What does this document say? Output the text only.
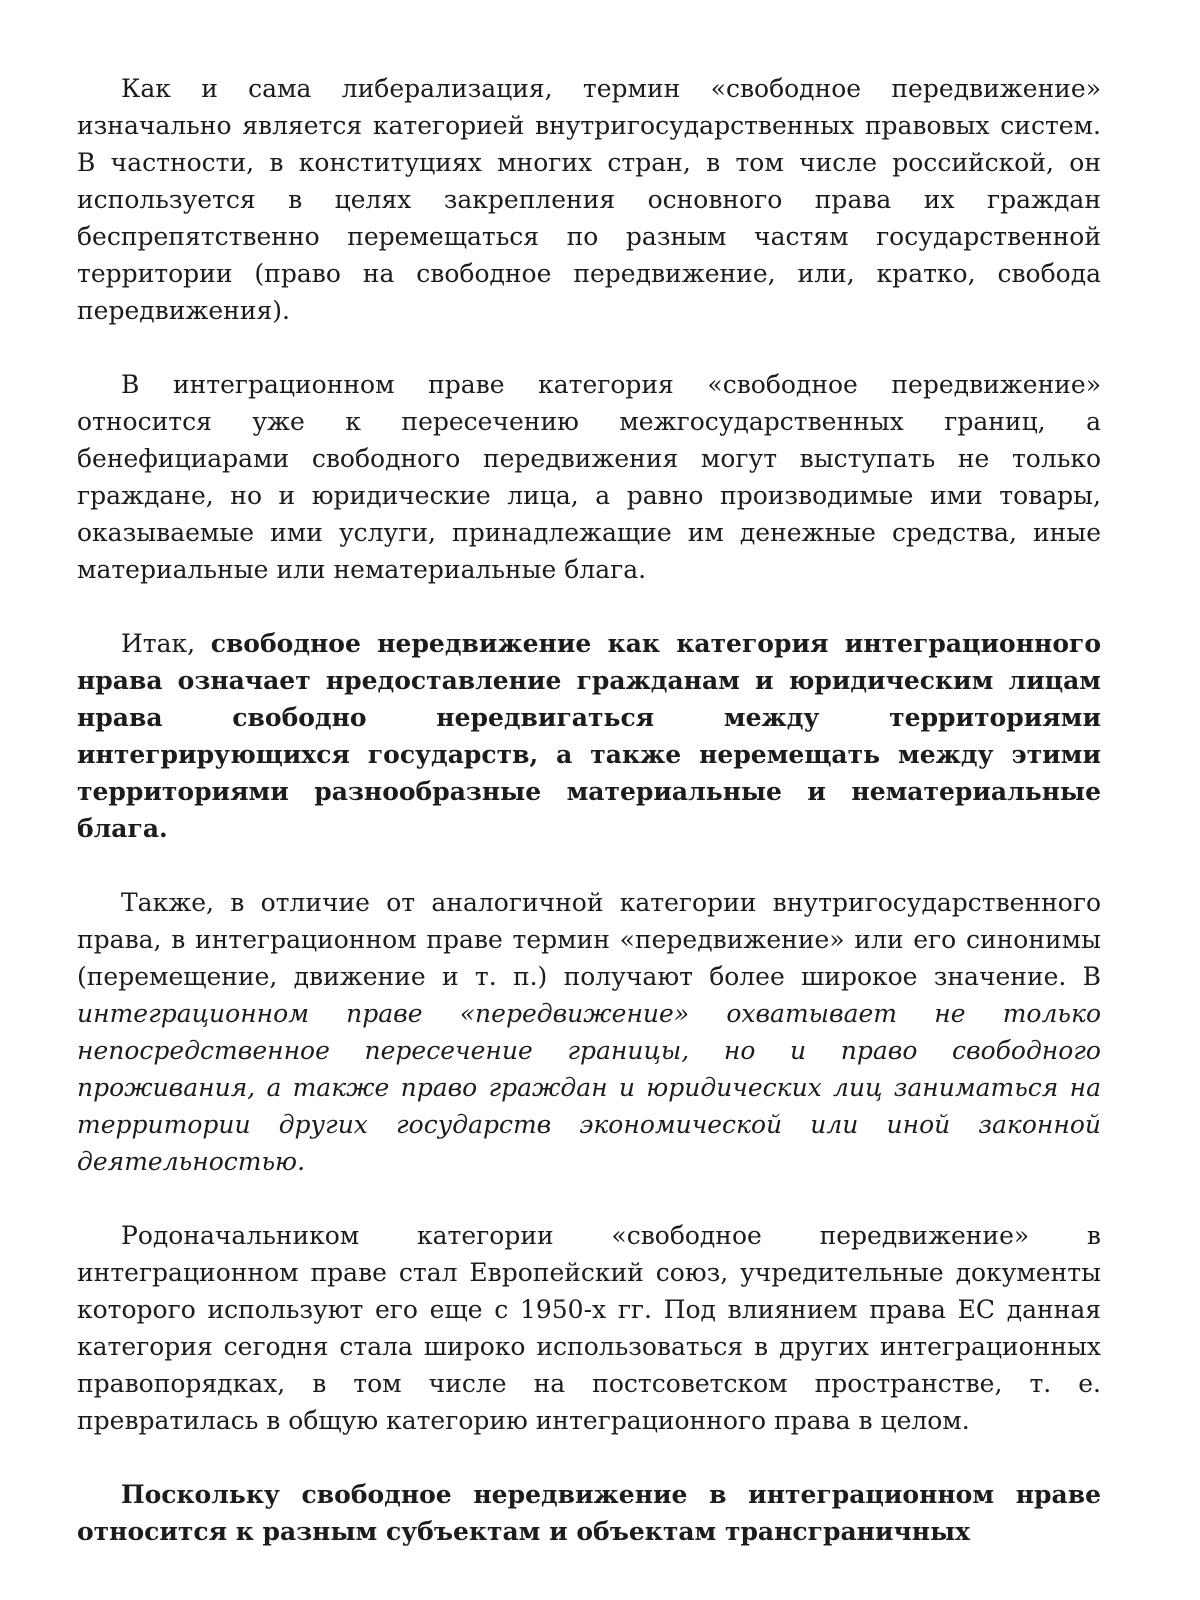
Как и сама либерализация, термин «свободное передвижение» изначально является категорией внутригосударственных правовых систем. В частности, в конституциях многих стран, в том числе российской, он используется в целях закрепления основного права их граждан беспрепятственно перемещаться по разным частям государственной территории (право на свободное передвижение, или, кратко, свобода передвижения).

В интеграционном праве категория «свободное передвижение» относится уже к пересечению межгосударственных границ, а бенефициарами свободного передвижения могут выступать не только граждане, но и юридические лица, а равно производимые ими товары, оказываемые ими услуги, принадлежащие им денежные средства, иные материальные или нематериальные блага.

Итак, свободное нередвижение как категория интеграционного нрава означает нредоставление гражданам и юридическим лицам нрава свободно нередвигаться между территориями интегрирующихся государств, а также неремещать между этими территориями разнообразные материальные и нематериальные блага.

Также, в отличие от аналогичной категории внутригосударственного права, в интеграционном праве термин «передвижение» или его синонимы (перемещение, движение и т. п.) получают более широкое значение. В интеграционном праве «передвижение» охватывает не только непосредственное пересечение границы, но и право свободного проживания, а также право граждан и юридических лиц заниматься на территории других государств экономической или иной законной деятельностью.

Родоначальником категории «свободное передвижение» в интеграционном праве стал Европейский союз, учредительные документы которого используют его еще с 1950-х гг. Под влиянием права ЕС данная категория сегодня стала широко использоваться в других интеграционных правопорядках, в том числе на постсоветском пространстве, т. е. превратилась в общую категорию интеграционного права в целом.

Поскольку свободное нередвижение в интеграционном нраве относится к разным субъектам и объектам трансграничных
